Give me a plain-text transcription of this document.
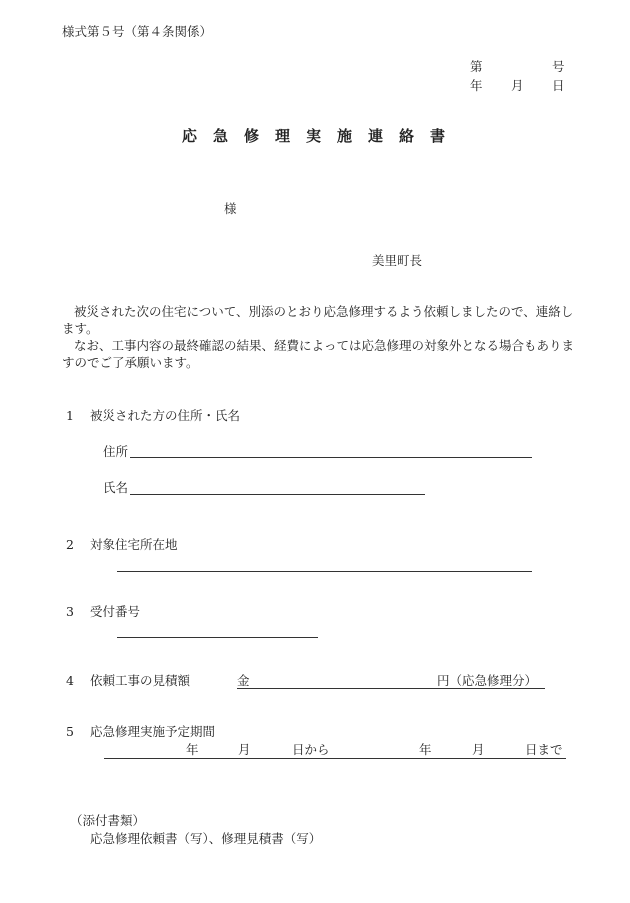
様式第５号（第４条関係）
第	号
年 月 日
応急修理実施連絡書
様
美里町長

被災された次の住宅について、別添のとおり応急修理するよう依頼しましたので、連絡します。

なお、工事内容の最終確認の結果、経費によっては応急修理の対象外となる場合もありますのでご了承願います。

1 被災された方の住所・氏名
住所
氏名
2 対象住宅所在地
3 受付番号
4 依頼工事の見積額	金	円（応急修理分）
5 応急修理実施予定期間
年	月	日から	年	月	日まで
（添付書類）
応急修理依頼書（写）、修理見積書（写）
